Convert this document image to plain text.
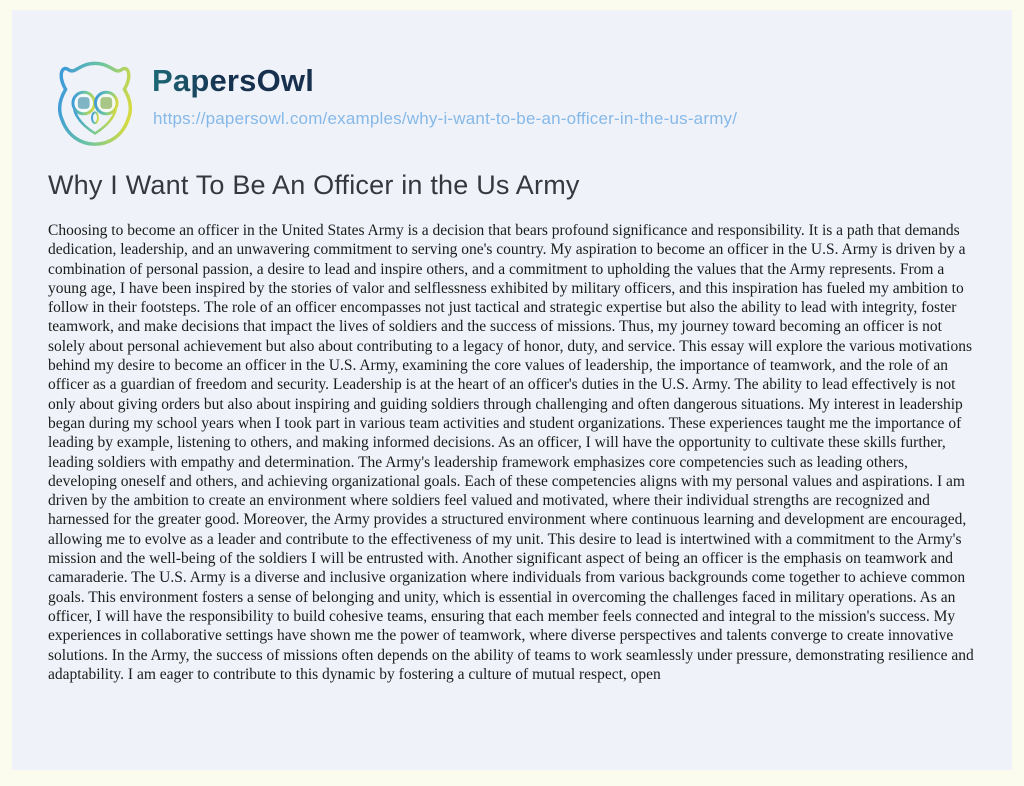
PapersOwl
https://papersowl.com/examples/why-i-want-to-be-an-officer-in-the-us-army/
Why I Want To Be An Officer in the Us Army

Choosing to become an officer in the United States Army is a decision that bears profound significance and responsibility. It is a path that demands dedication, leadership, and an unwavering commitment to serving one's country. My aspiration to become an officer in the U.S. Army is driven by a combination of personal passion, a desire to lead and inspire others, and a commitment to upholding the values that the Army represents. From a young age, I have been inspired by the stories of valor and selflessness exhibited by military officers, and this inspiration has fueled my ambition to follow in their footsteps. The role of an officer encompasses not just tactical and strategic expertise but also the ability to lead with integrity, foster teamwork, and make decisions that impact the lives of soldiers and the success of missions. Thus, my journey toward becoming an officer is not solely about personal achievement but also about contributing to a legacy of honor, duty, and service. This essay will explore the various motivations behind my desire to become an officer in the U.S. Army, examining the core values of leadership, the importance of teamwork, and the role of an officer as a guardian of freedom and security. Leadership is at the heart of an officer's duties in the U.S. Army. The ability to lead effectively is not only about giving orders but also about inspiring and guiding soldiers through challenging and often dangerous situations. My interest in leadership began during my school years when I took part in various team activities and student organizations. These experiences taught me the importance of leading by example, listening to others, and making informed decisions. As an officer, I will have the opportunity to cultivate these skills further, leading soldiers with empathy and determination. The Army's leadership framework emphasizes core competencies such as leading others, developing oneself and others, and achieving organizational goals. Each of these competencies aligns with my personal values and aspirations. I am driven by the ambition to create an environment where soldiers feel valued and motivated, where their individual strengths are recognized and harnessed for the greater good. Moreover, the Army provides a structured environment where continuous learning and development are encouraged, allowing me to evolve as a leader and contribute to the effectiveness of my unit. This desire to lead is intertwined with a commitment to the Army's mission and the well-being of the soldiers I will be entrusted with. Another significant aspect of being an officer is the emphasis on teamwork and camaraderie. The U.S. Army is a diverse and inclusive organization where individuals from various backgrounds come together to achieve common goals. This environment fosters a sense of belonging and unity, which is essential in overcoming the challenges faced in military operations. As an officer, I will have the responsibility to build cohesive teams, ensuring that each member feels connected and integral to the mission's success. My experiences in collaborative settings have shown me the power of teamwork, where diverse perspectives and talents converge to create innovative solutions. In the Army, the success of missions often depends on the ability of teams to work seamlessly under pressure, demonstrating resilience and adaptability. I am eager to contribute to this dynamic by fostering a culture of mutual respect, open
